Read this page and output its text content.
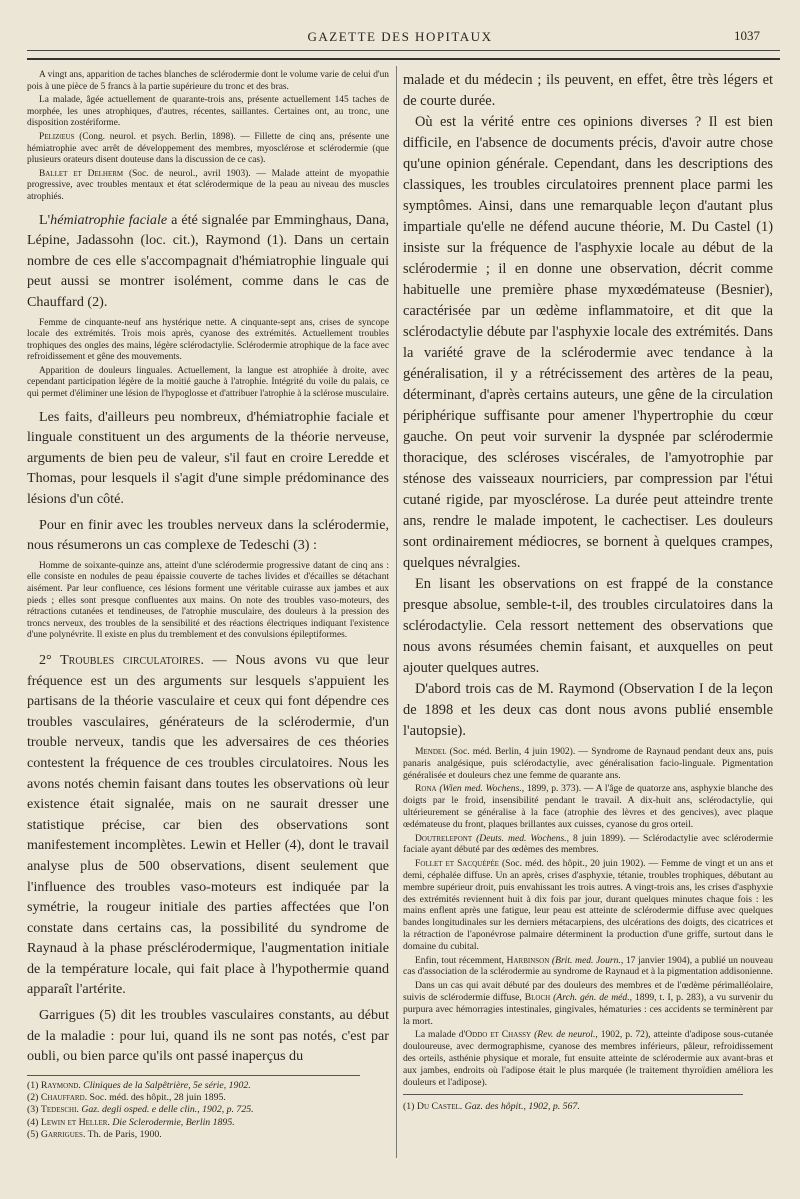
GAZETTE DES HOPITAUX	1037

A vingt ans, apparition de taches blanches de sclérodermie dont le volume varie de celui d'un pois à une pièce de 5 francs à la partie supérieure du tronc et des bras.

La malade, âgée actuellement de quarante-trois ans, présente actuellement 145 taches de morphée, les unes atrophiques, d'autres, récentes, saillantes. Certaines ont, au tronc, une disposition zostériforme.

Pelizœus (Cong. neurol. et psych. Berlin, 1898). — Fillette de cinq ans, présente une hémiatrophie avec arrêt de développement des membres, myosclérose et sclérodermie (que plusieurs orateurs disent douteuse dans la discussion de ce cas).

Ballet et Delherm (Soc. de neurol., avril 1903). — Malade atteint de myopathie progressive, avec troubles mentaux et état sclérodermique de la peau au niveau des muscles atrophiés.

L'hémiatrophie faciale a été signalée par Emminghaus, Dana, Lépine, Jadassohn (loc. cit.), Raymond (1). Dans un certain nombre de ces elle s'accompagnait d'hémiatrophie linguale qui peut aussi se montrer isolément, comme dans le cas de Chauffard (2).

Femme de cinquante-neuf ans hystérique nette. A cinquante-sept ans, crises de syncope locale des extrémités. Trois mois après, cyanose des extrémités. Actuellement troubles trophiques des ongles des mains, légère sclérodactylie. Sclérodermie atrophique de la face avec refroidissement et gêne des mouvements.

Apparition de douleurs linguales. Actuellement, la langue est atrophiée à droite, avec cependant participation légère de la moitié gauche à l'atrophie. Intégrité du voile du palais, ce qui permet d'éliminer une lésion de l'hypoglosse et d'attribuer l'atrophie à la sclérose musculaire.

Les faits, d'ailleurs peu nombreux, d'hémiatrophie faciale et linguale constituent un des arguments de la théorie nerveuse, arguments de bien peu de valeur, s'il faut en croire Leredde et Thomas, pour lesquels il s'agit d'une simple prédominance des lésions d'un côté.

Pour en finir avec les troubles nerveux dans la sclérodermie, nous résumerons un cas complexe de Tedeschi (3) :

Homme de soixante-quinze ans, atteint d'une sclérodermie progressive datant de cinq ans : elle consiste en nodules de peau épaissie couverte de taches livides et d'écailles se détachant aisément. Par leur confluence, ces lésions forment une véritable cuirasse aux jambes et aux pieds ; elles sont presque confluentes aux mains. On note des troubles vaso-moteurs, des rétractions cutanées et tendineuses, de l'atrophie musculaire, des douleurs à la pression des troncs nerveux, des troubles de la sensibilité et des réactions électriques indiquant l'existence d'une polynévrite. Il existe en plus du tremblement et des convulsions épileptiformes.

2° Troubles circulatoires. — Nous avons vu que leur fréquence est un des arguments sur lesquels s'appuient les partisans de la théorie vasculaire et ceux qui font dépendre ces troubles vasculaires, générateurs de la sclérodermie, d'un trouble nerveux, tandis que les adversaires de ces théories contestent la fréquence de ces troubles circulatoires. Nous les avons notés chemin faisant dans toutes les observations où leur existence était signalée, mais on ne saurait dresser une statistique précise, car bien des observations sont manifestement incomplètes. Lewin et Heller (4), dont le travail analyse plus de 500 observations, disent seulement que l'influence des troubles vaso-moteurs est indiquée par la symétrie, la rougeur initiale des parties affectées que l'on constate dans certains cas, la possibilité du syndrome de Raynaud à la phase présclérodermique, l'augmentation initiale de la température locale, qui fait place à l'hypothermie quand apparaît l'artérite.

Garrigues (5) dit les troubles vasculaires constants, au début de la maladie : pour lui, quand ils ne sont pas notés, c'est par oubli, ou bien parce qu'ils ont passé inaperçus du

(1) Raymond. Cliniques de la Salpêtrière, 5e série, 1902.
(2) Chauffard. Soc. méd. des hôpit., 28 juin 1895.
(3) Tedeschi. Gaz. degli osped. e delle clin., 1902, p. 725.
(4) Lewin et Heller. Die Sclerodermie, Berlin 1895.
(5) Garrigues. Th. de Paris, 1900.

malade et du médecin ; ils peuvent, en effet, être très légers et de courte durée.

Où est la vérité entre ces opinions diverses ? Il est bien difficile, en l'absence de documents précis, d'avoir autre chose qu'une opinion générale. Cependant, dans les descriptions des classiques, les troubles circulatoires prennent place parmi les symptômes. Ainsi, dans une remarquable leçon d'autant plus impartiale qu'elle ne défend aucune théorie, M. Du Castel (1) insiste sur la fréquence de l'asphyxie locale au début de la sclérodermie ; il en donne une observation, décrit comme habituelle une première phase myxœdémateuse (Besnier), caractérisée par un œdème inflammatoire, et dit que la sclérodactylie débute par l'asphyxie locale des extrémités. Dans la variété grave de la sclérodermie avec tendance à la généralisation, il y a rétrécissement des artères de la peau, déterminant, d'après certains auteurs, une gêne de la circulation périphérique suffisante pour amener l'hypertrophie du cœur gauche. On peut voir survenir la dyspnée par sclérodermie thoracique, des scléroses viscérales, de l'amyotrophie par sténose des vaisseaux nourriciers, par compression par l'étui cutané rigide, par myosclérose. La durée peut atteindre trente ans, rendre le malade impotent, le cachectiser. Les douleurs sont ordinairement médiocres, se bornent à quelques crampes, quelques névralgies.

En lisant les observations on est frappé de la constance presque absolue, semble-t-il, des troubles circulatoires dans la sclérodactylie. Cela ressort nettement des observations que nous avons résumées chemin faisant, et auxquelles on peut ajouter quelques autres.

D'abord trois cas de M. Raymond (Observation I de la leçon de 1898 et les deux cas dont nous avons publié ensemble l'autopsie).

Mendel (Soc. méd. Berlin, 4 juin 1902). — Syndrome de Raynaud pendant deux ans, puis panaris analgésique, puis sclérodactylie, avec généralisation facio-linguale. Pigmentation généralisée et douleurs chez une femme de quarante ans.

Rona (Wien med. Wochens., 1899, p. 373). — A l'âge de quatorze ans, asphyxie blanche des doigts par le froid, insensibilité pendant le travail. A dix-huit ans, sclérodactylie, qui ultérieurement se généralise à la face (atrophie des lèvres et des gencives), avec plaque œdémateuse du front, plaques brillantes aux cuisses, cyanose du gros orteil.

Doutrelepont (Deuts. med. Wochens., 8 juin 1899). — Sclérodactylie avec sclérodermie faciale ayant débuté par des œdèmes des membres.

Follet et Sacquépée (Soc. méd. des hôpit., 20 juin 1902). — Femme de vingt et un ans et demi, céphalée diffuse. Un an après, crises d'asphyxie, tétanie, troubles trophiques, débutant au membre supérieur droit, puis envahissant les trois autres. A vingt-trois ans, les crises d'asphyxie des extrémités reviennent huit à dix fois par jour, durant quelques minutes chaque fois : les mains enflent après une fatigue, leur peau est atteinte de sclérodermie diffuse avec quelques bandes longitudinales sur les derniers métacarpiens, des ulcérations des doigts, des cicatrices et la rétraction de l'aponévrose palmaire déterminent la production d'une griffe, surtout dans le domaine du cubital.

Enfin, tout récemment, Harbinson (Brit. med. Journ., 17 janvier 1904), a publié un nouveau cas d'association de la sclérodermie au syndrome de Raynaud et à la pigmentation addisonienne.

Dans un cas qui avait débuté par des douleurs des membres et de l'œdème périmalléolaire, suivis de sclérodermie diffuse, Bloch (Arch. gén. de méd., 1899, t. I, p. 283), a vu survenir du purpura avec hémorragies intestinales, gingivales, hématuries : ces accidents se terminèrent par la mort.

La malade d'Oddo et Chassy (Rev. de neurol., 1902, p. 72), atteinte d'adipose sous-cutanée douloureuse, avec dermographisme, cyanose des membres inférieurs, pâleur, refroidissement des orteils, asthénie physique et morale, fut ensuite atteinte de sclérodermie aux avant-bras et aux jambes, endroits où l'adipose était le plus marquée (le traitement thyroïdien améliora les douleurs et l'adipose).

(1) Du Castel. Gaz. des hôpit., 1902, p. 567.
